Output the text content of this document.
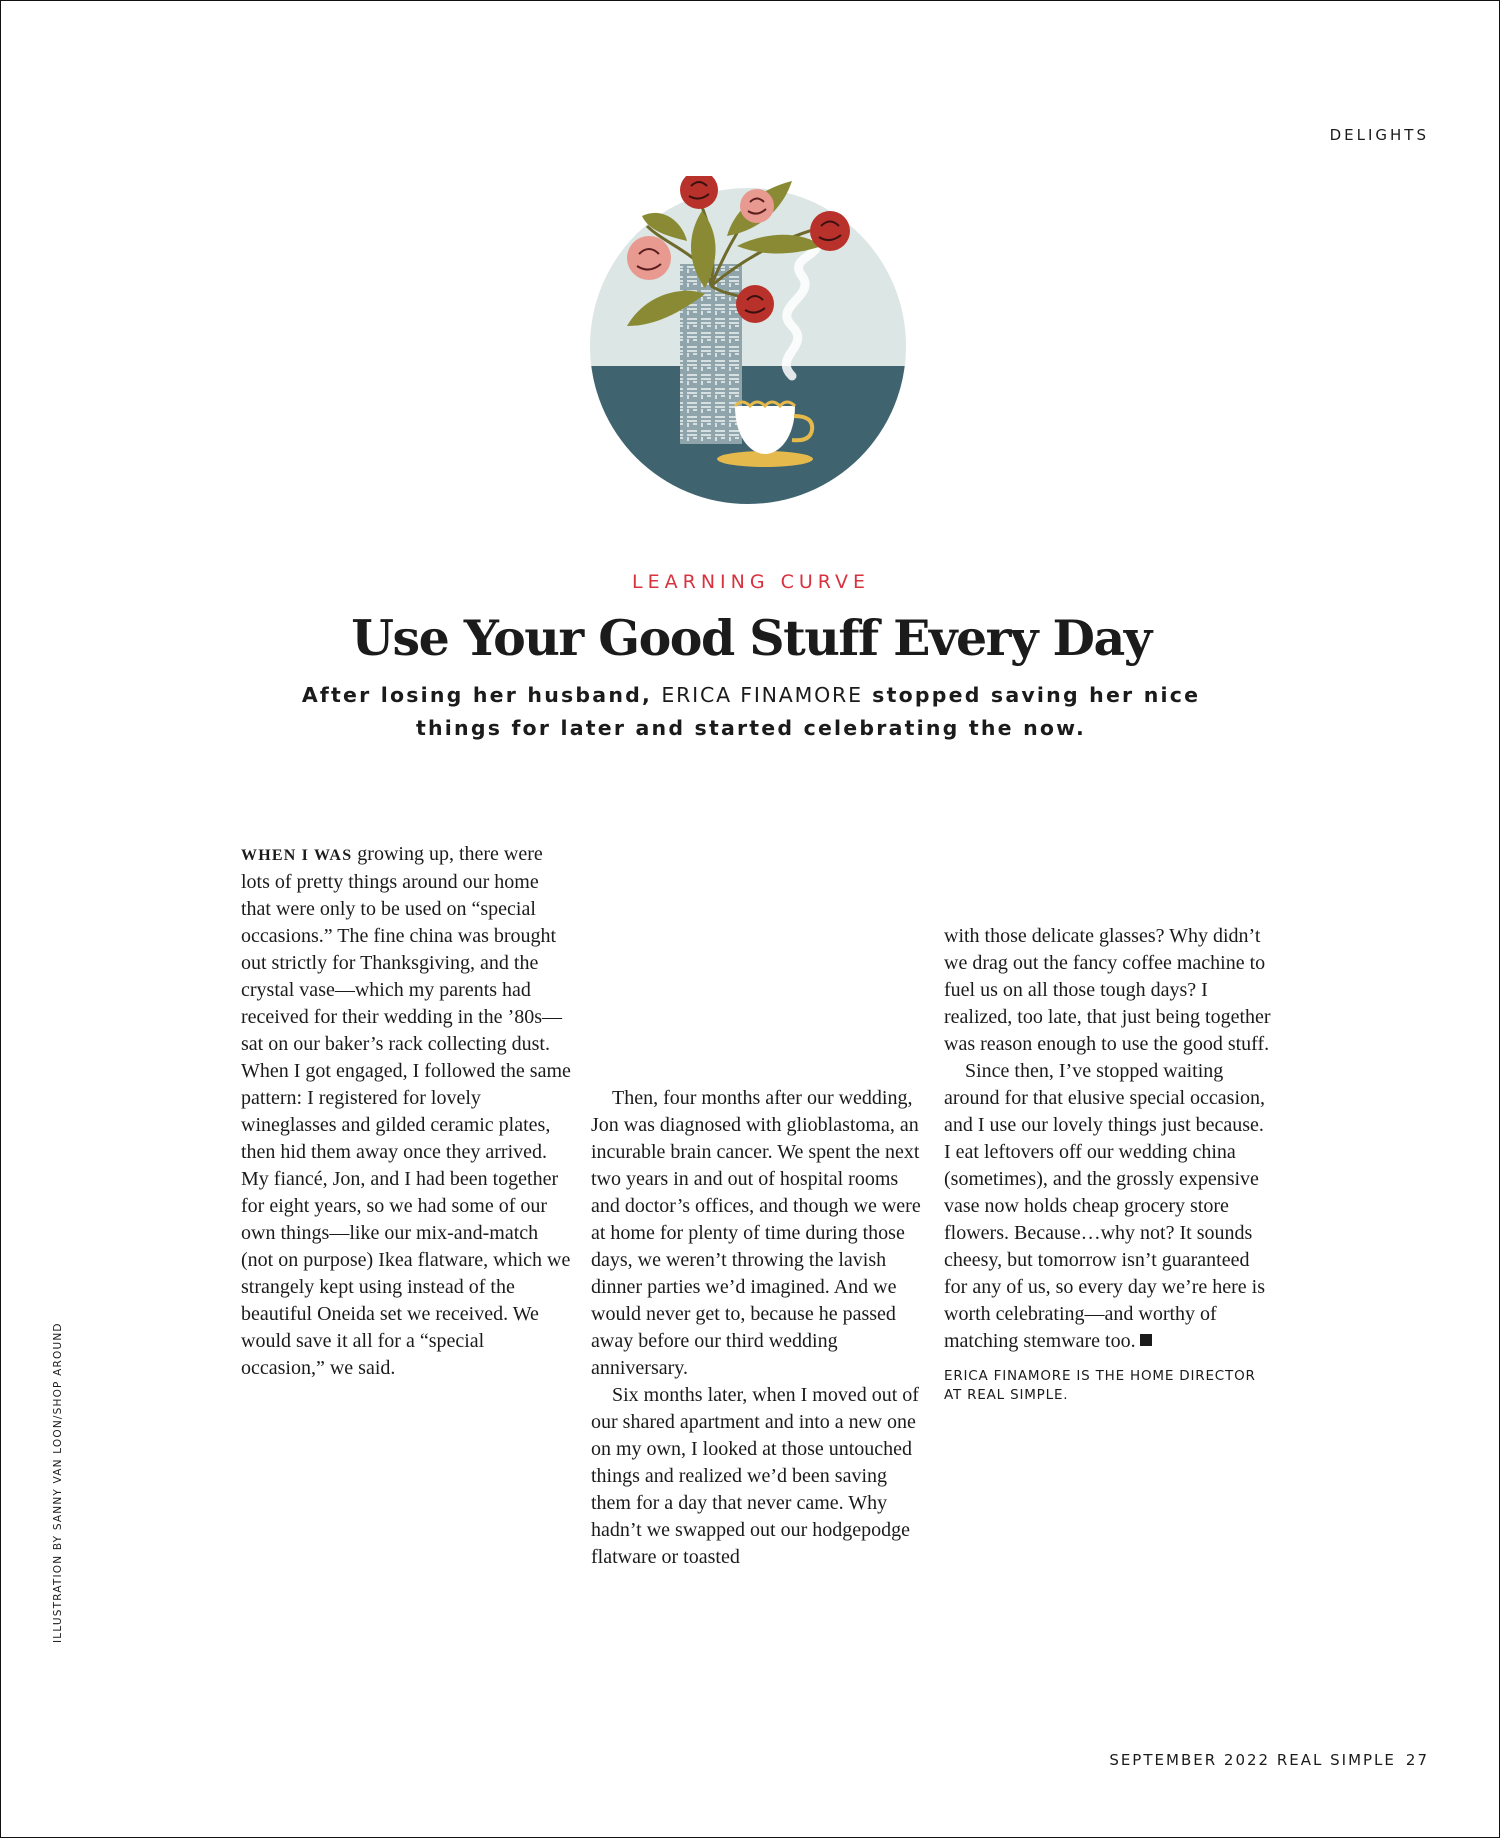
DELIGHTS
LEARNING CURVE
Use Your Good Stuff Every Day
After losing her husband, ERICA FINAMORE stopped saving her nice things for later and started celebrating the now.

WHEN I WAS growing up, there were lots of pretty things around our home that were only to be used on “special occasions.” The fine china was brought out strictly for Thanksgiving, and the crystal vase—which my parents had received for their wedding in the ’80s—sat on our baker’s rack collecting dust. When I got engaged, I followed the same pattern: I registered for lovely wineglasses and gilded ceramic plates, then hid them away once they arrived. My fiancé, Jon, and I had been together for eight years, so we had some of our own things—like our mix-and-match (not on purpose) Ikea flatware, which we strangely kept using instead of the beautiful Oneida set we received. We would save it all for a “special occasion,” we said.

Then, four months after our wedding, Jon was diagnosed with glioblastoma, an incurable brain cancer. We spent the next two years in and out of hospital rooms and doctor’s offices, and though we were at home for plenty of time during those days, we weren’t throwing the lavish dinner parties we’d imagined. And we would never get to, because he passed away before our third wedding anniversary.

Six months later, when I moved out of our shared apartment and into a new one on my own, I looked at those untouched things and realized we’d been saving them for a day that never came. Why hadn’t we swapped out our hodgepodge flatware or toasted

with those delicate glasses? Why didn’t we drag out the fancy coffee machine to fuel us on all those tough days? I realized, too late, that just being together was reason enough to use the good stuff.

Since then, I’ve stopped waiting around for that elusive special occasion, and I use our lovely things just because. I eat leftovers off our wedding china (sometimes), and the grossly expensive vase now holds cheap grocery store flowers. Because…why not? It sounds cheesy, but tomorrow isn’t guaranteed for any of us, so every day we’re here is worth celebrating—and worthy of matching stemware too.

ERICA FINAMORE IS THE HOME DIRECTOR AT REAL SIMPLE.
ILLUSTRATION BY SANNY VAN LOON/SHOP AROUND
SEPTEMBER 2022 REAL SIMPLE 27
